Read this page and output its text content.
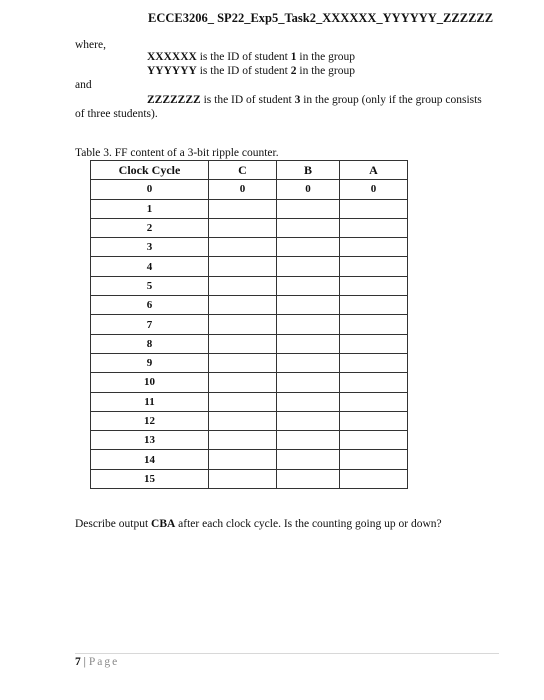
ECCE3206_ SP22_Exp5_Task2_XXXXXX_YYYYYY_ZZZZZZ
where,
XXXXXX is the ID of student 1 in the group
YYYYYY is the ID of student 2 in the group
and
ZZZZZZZ is the ID of student 3 in the group (only if the group consists
of three students).
Table 3. FF content of a 3-bit ripple counter.
Clock Cycle	C	B	A
0	0	0	0
1			
2			
3			
4			
5			
6			
7			
8			
9			
10			
11			
12			
13			
14			
15			
Describe output CBA after each clock cycle. Is the counting going up or down?
7 | Page
